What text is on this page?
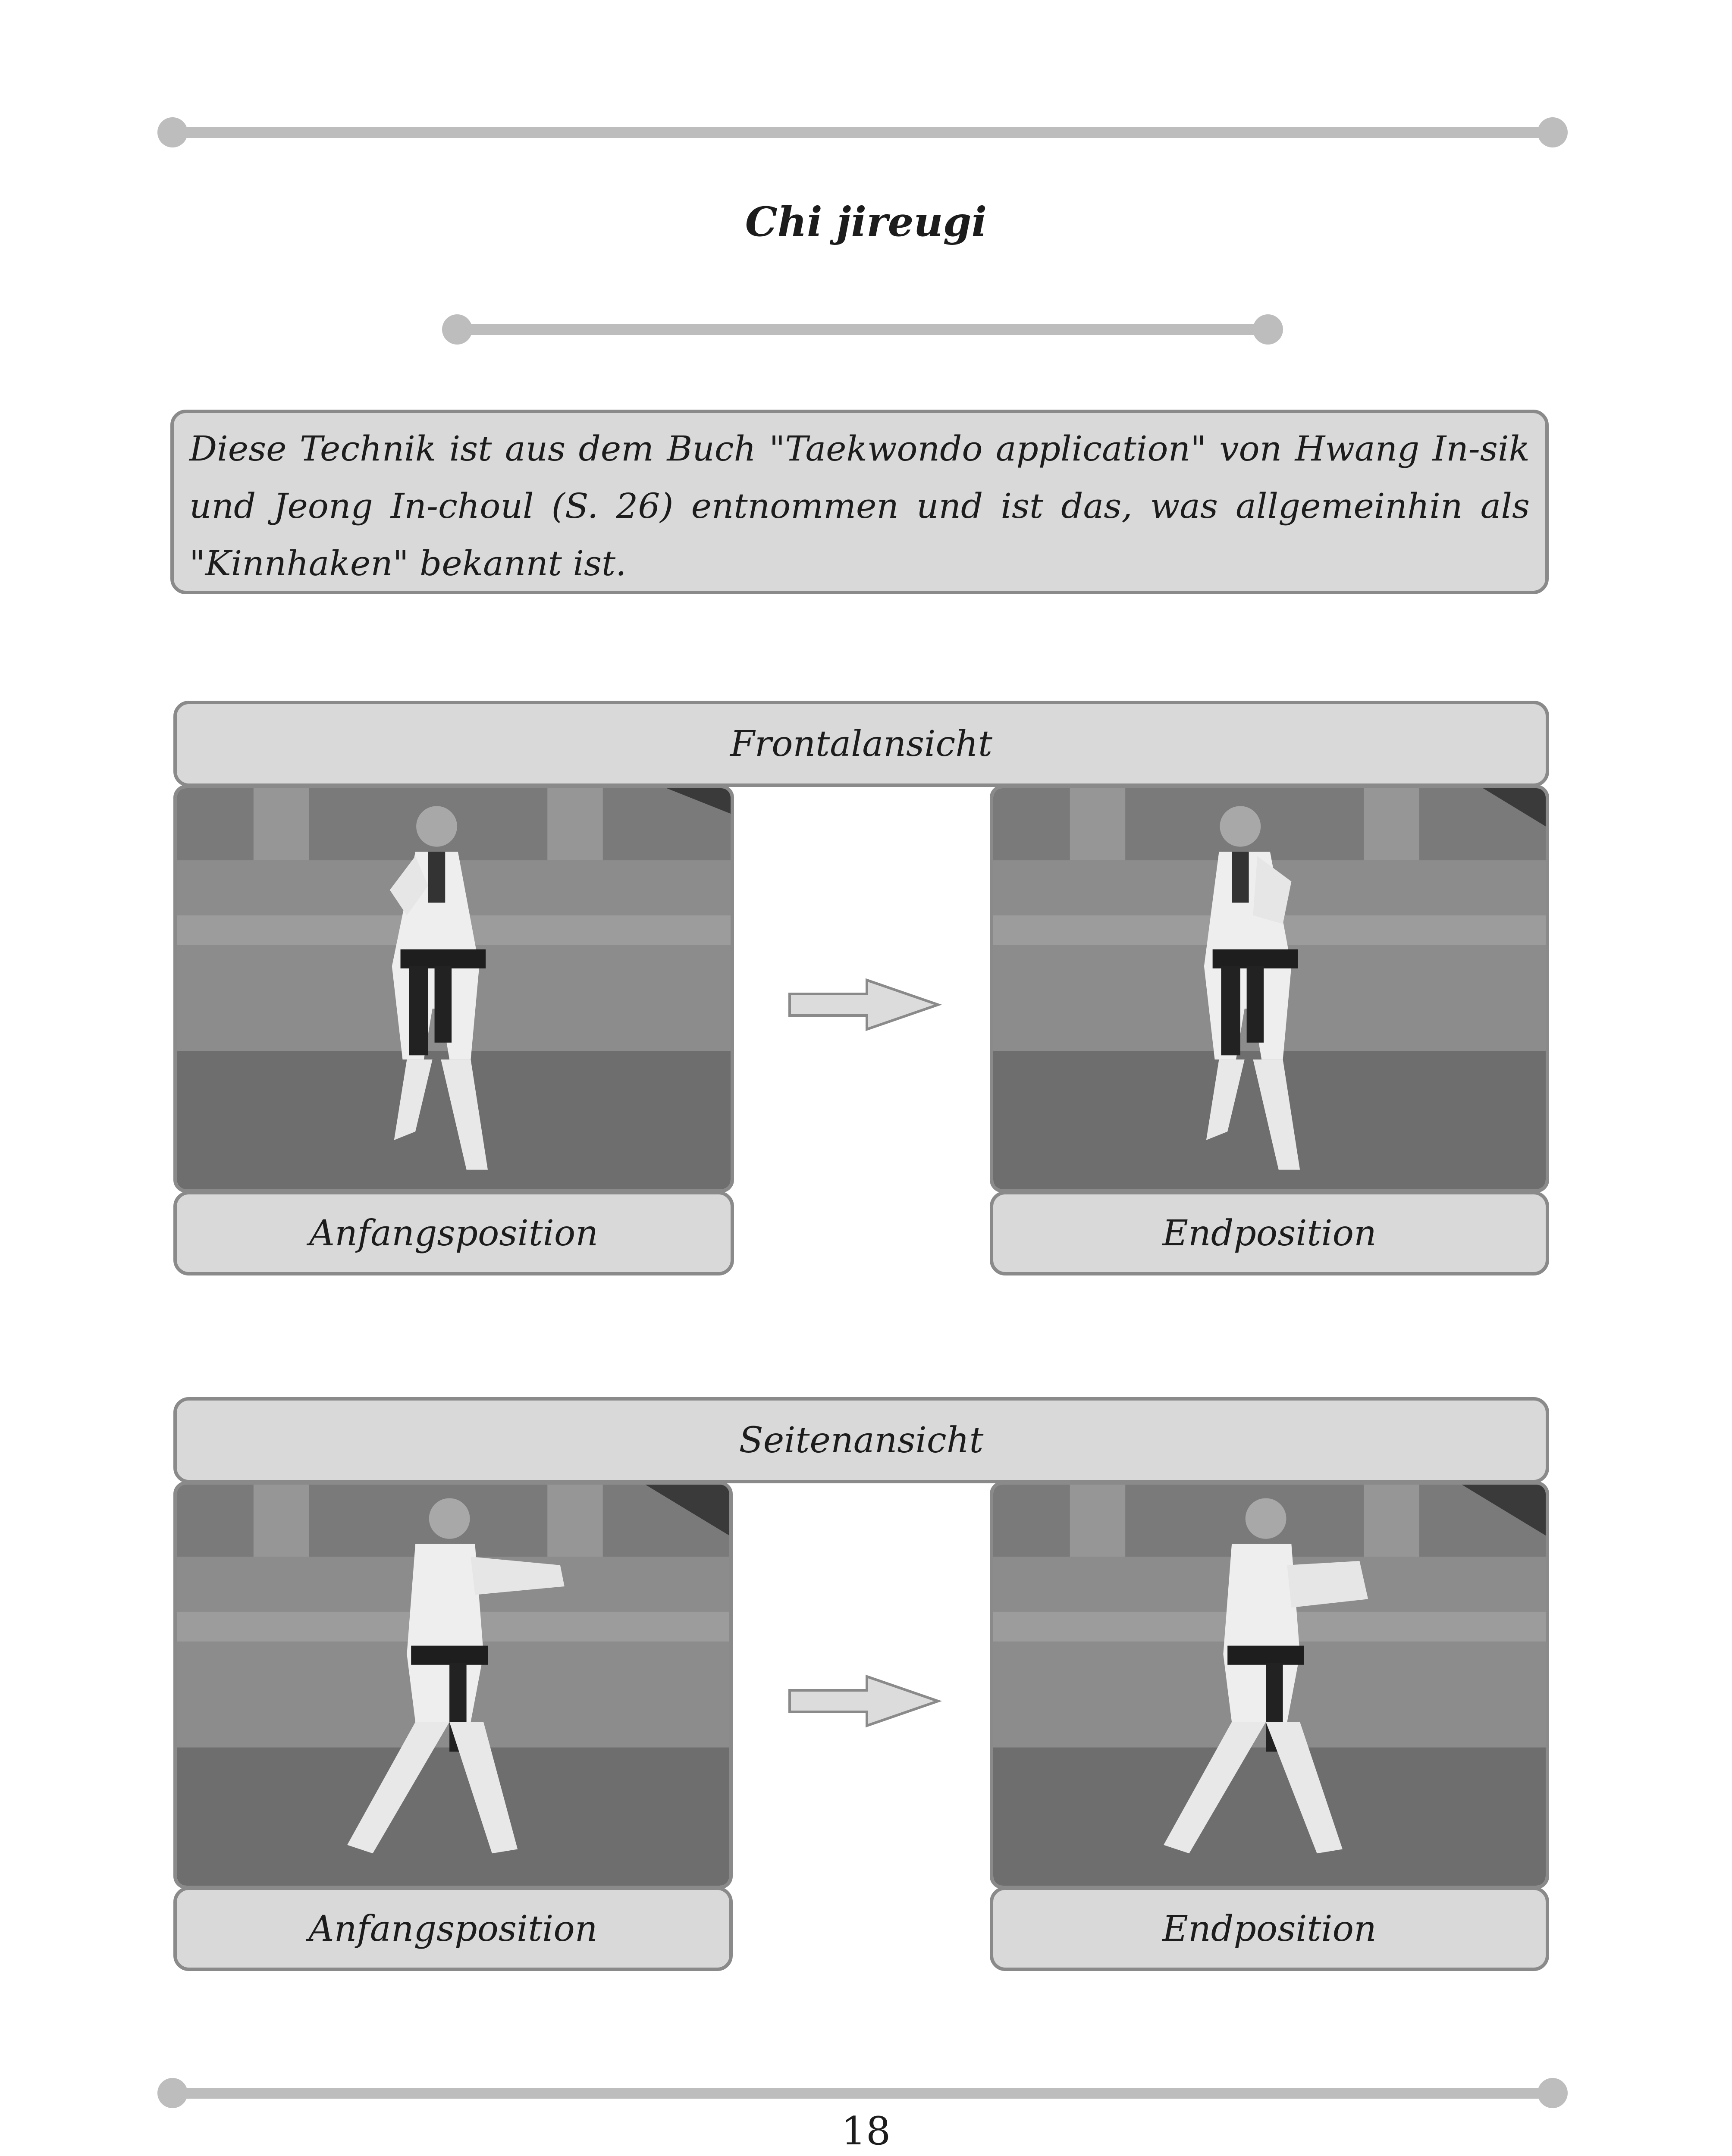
Chi jireugi
Diese Technik ist aus dem Buch "Taekwondo application" von Hwang In-sik und Jeong In-choul (S. 26) entnommen und ist das, was allgemeinhin als "Kinnhaken" bekannt ist.
Frontalansicht
Anfangsposition	Endposition
Seitenansicht
Anfangsposition	Endposition
18
